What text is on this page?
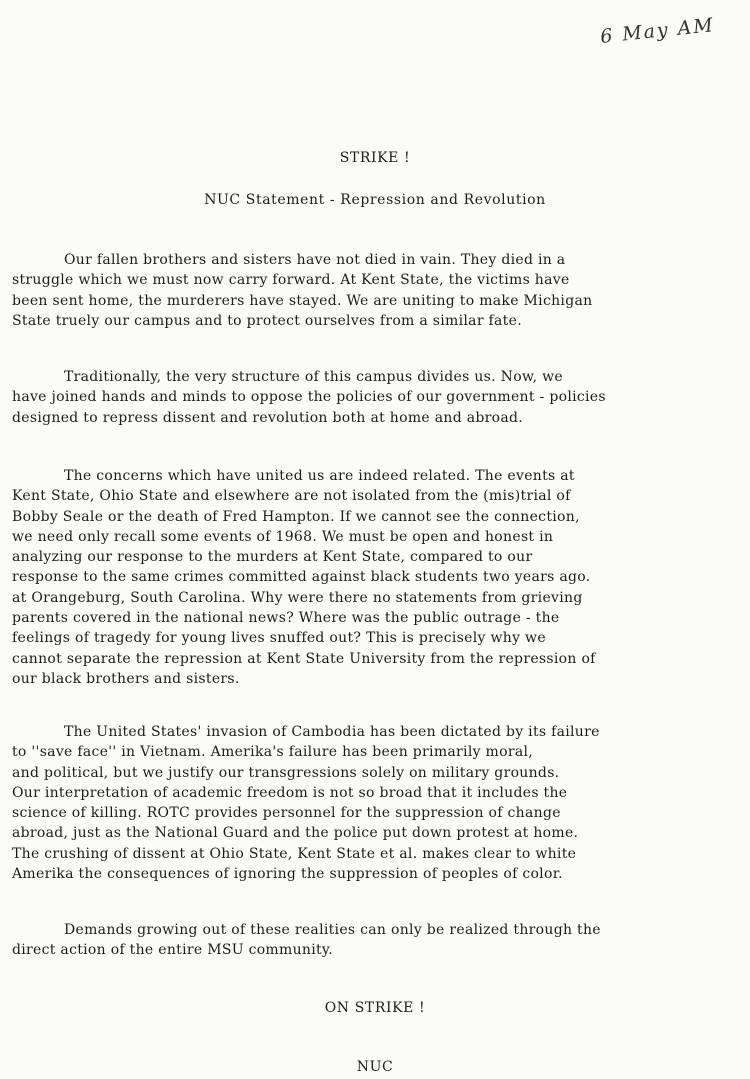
6 May AM
STRIKE !
NUC Statement - Repression and Revolution
Our fallen brothers and sisters have not died in vain. They died in a
struggle which we must now carry forward. At Kent State, the victims have
been sent home, the murderers have stayed. We are uniting to make Michigan
State truely our campus and to protect ourselves from a similar fate.
Traditionally, the very structure of this campus divides us. Now, we
have joined hands and minds to oppose the policies of our government - policies
designed to repress dissent and revolution both at home and abroad.
The concerns which have united us are indeed related. The events at
Kent State, Ohio State and elsewhere are not isolated from the (mis)trial of
Bobby Seale or the death of Fred Hampton. If we cannot see the connection,
we need only recall some events of 1968. We must be open and honest in
analyzing our response to the murders at Kent State, compared to our
response to the same crimes committed against black students two years ago.
at Orangeburg, South Carolina. Why were there no statements from grieving
parents covered in the national news? Where was the public outrage - the
feelings of tragedy for young lives snuffed out? This is precisely why we
cannot separate the repression at Kent State University from the repression of
our black brothers and sisters.
The United States' invasion of Cambodia has been dictated by its failure
to ''save face'' in Vietnam. Amerika's failure has been primarily moral,
and political, but we justify our transgressions solely on military grounds.
Our interpretation of academic freedom is not so broad that it includes the
science of killing. ROTC provides personnel for the suppression of change
abroad, just as the National Guard and the police put down protest at home.
The crushing of dissent at Ohio State, Kent State et al. makes clear to white
Amerika the consequences of ignoring the suppression of peoples of color.
Demands growing out of these realities can only be realized through the
direct action of the entire MSU community.
ON STRIKE !
NUC
